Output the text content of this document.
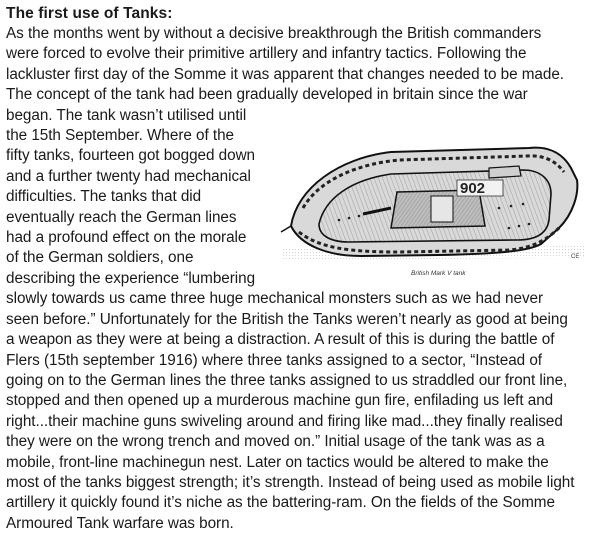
The first use of Tanks:
As the months went by without a decisive breakthrough the British commanders
were forced to evolve their primitive artillery and infantry tactics. Following the
lackluster first day of the Somme it was apparent that changes needed to be made.
The concept of the tank had been gradually developed in britain since the war
began. The tank wasn’t utilised until
the 15th September. Where of the
fifty tanks, fourteen got bogged down
and a further twenty had mechanical
difficulties. The tanks that did
eventually reach the German lines
had a profound effect on the morale
of the German soldiers, one
describing the experience “lumbering
slowly towards us came three huge mechanical monsters such as we had never
seen before.” Unfortunately for the British the Tanks weren’t nearly as good at being
a weapon as they were at being a distraction. A result of this is during the battle of
Flers (15th september 1916) where three tanks assigned to a sector, “Instead of
going on to the German lines the three tanks assigned to us straddled our front line,
stopped and then opened up a murderous machine gun fire, enfilading us left and
right...their machine guns swiveling around and firing like mad...they finally realised
they were on the wrong trench and moved on.” Initial usage of the tank was as a
mobile, front-line machinegun nest. Later on tactics would be altered to make the
most of the tanks biggest strength; it’s strength. Instead of being used as mobile light
artillery it quickly found it’s niche as the battering-ram. On the fields of the Somme
Armoured Tank warfare was born.
902
CE
British Mark V tank
